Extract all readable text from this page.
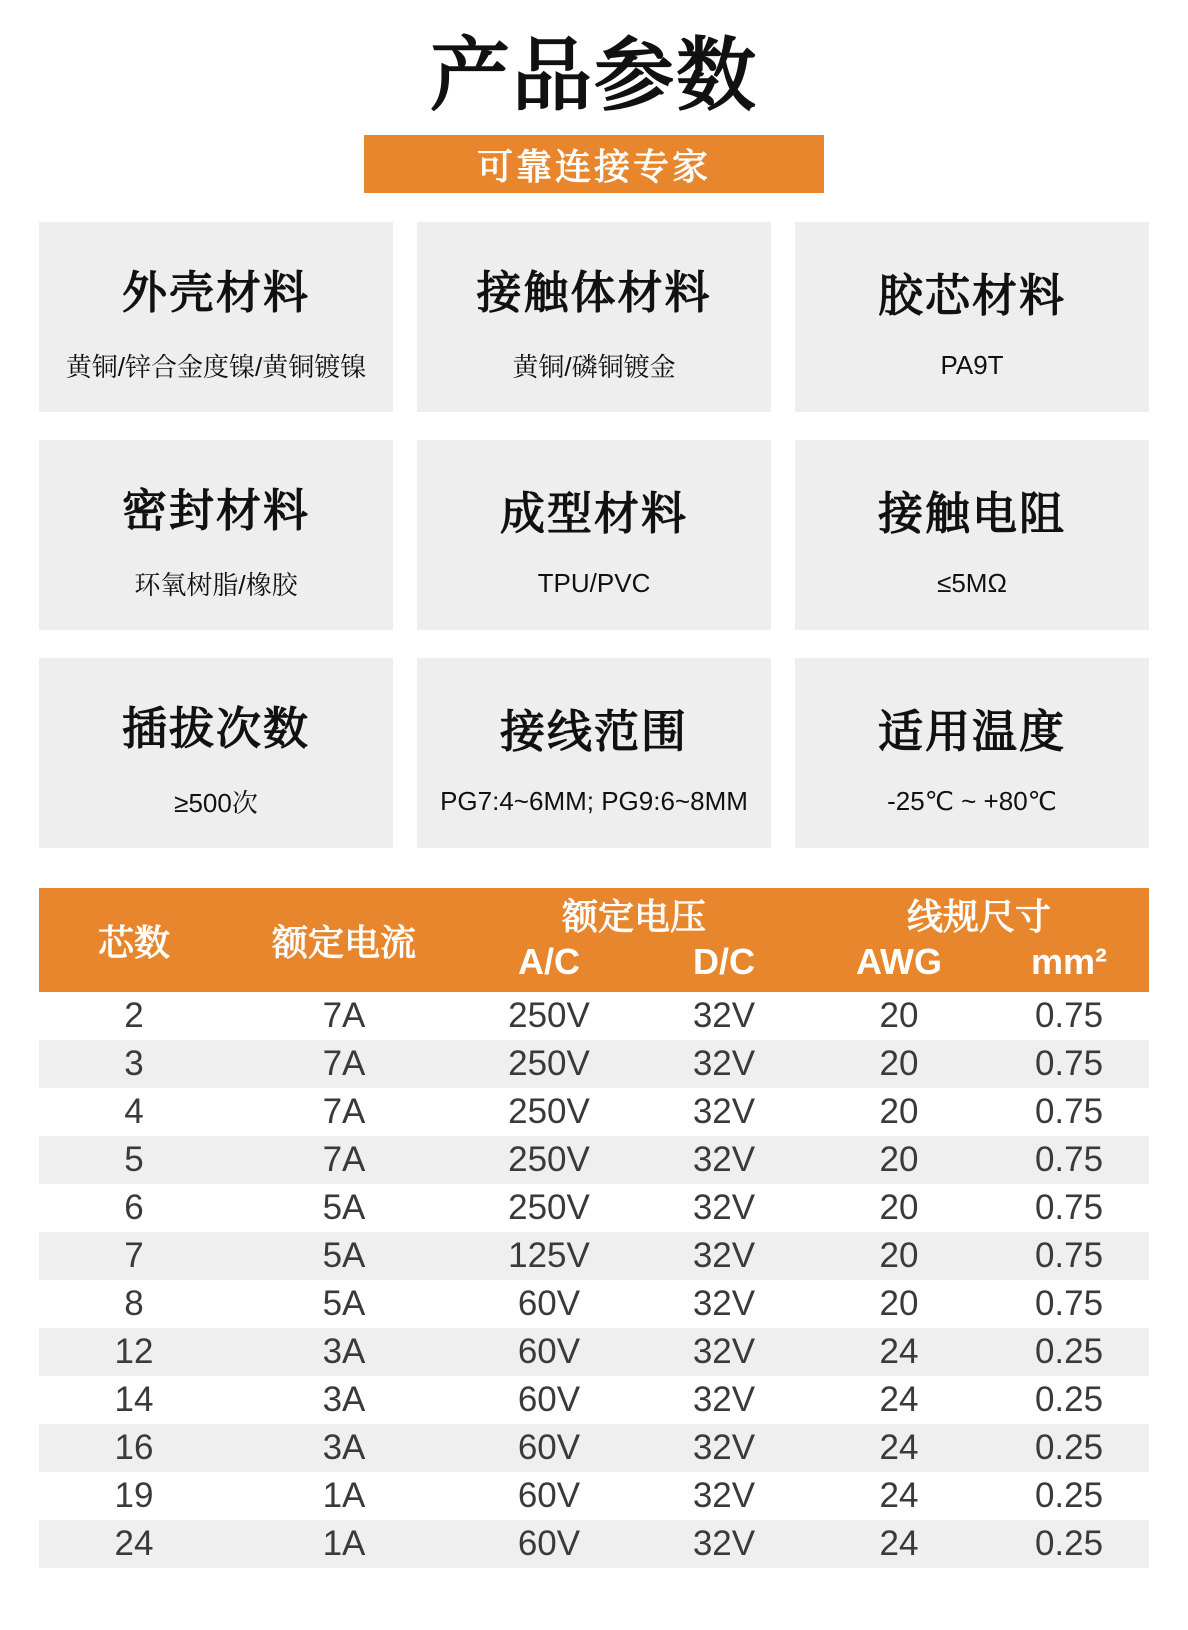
产品参数
可靠连接专家
外壳材料
黄铜/锌合金度镍/黄铜镀镍
接触体材料
黄铜/磷铜镀金
胶芯材料
PA9T
密封材料
环氧树脂/橡胶
成型材料
TPU/PVC
接触电阻
≤5MΩ
插拔次数
≥500次
接线范围
PG7:4~6MM; PG9:6~8MM
适用温度
-25℃ ~ +80℃
芯数	额定电流	额定电压		线规尺寸	
		A/C	D/C	AWG	mm²
2	7A	250V	32V	20	0.75
3	7A	250V	32V	20	0.75
4	7A	250V	32V	20	0.75
5	7A	250V	32V	20	0.75
6	5A	250V	32V	20	0.75
7	5A	125V	32V	20	0.75
8	5A	60V	32V	20	0.75
12	3A	60V	32V	24	0.25
14	3A	60V	32V	24	0.25
16	3A	60V	32V	24	0.25
19	1A	60V	32V	24	0.25
24	1A	60V	32V	24	0.25
